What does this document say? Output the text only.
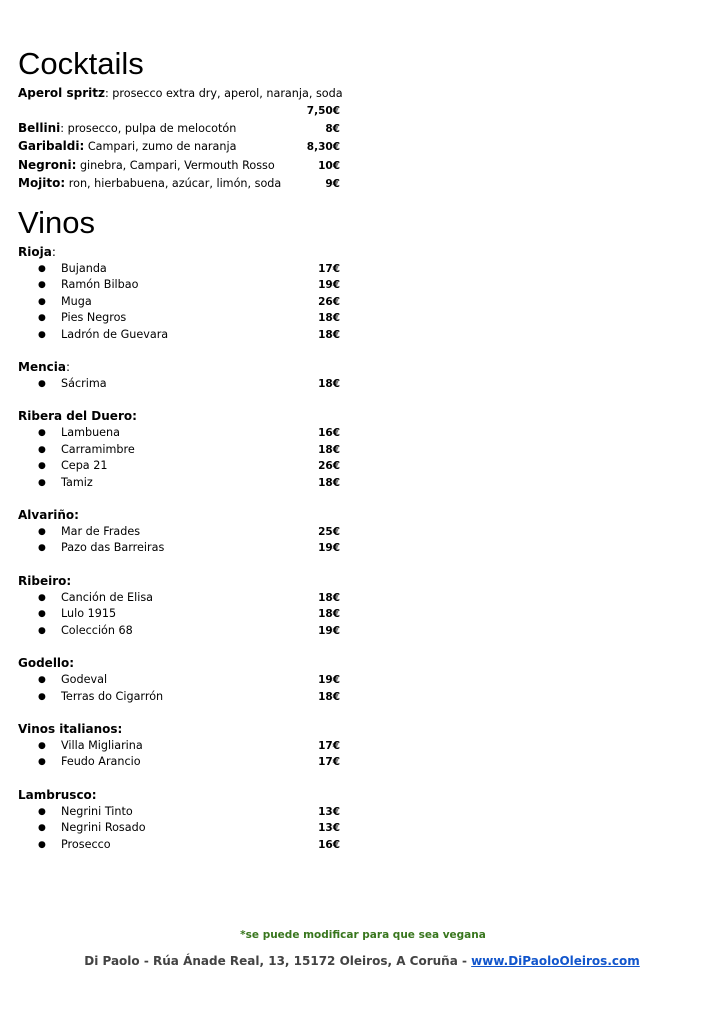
Cocktails
Aperol spritz: prosecco extra dry, aperol, naranja, soda
7,50€
Bellini: prosecco, pulpa de melocotón	8€
Garibaldi: Campari, zumo de naranja	8,30€
Negroni: ginebra, Campari, Vermouth Rosso	10€
Mojito: ron, hierbabuena, azúcar, limón, soda	9€
Vinos
Rioja:
●	Bujanda	17€
●	Ramón Bilbao	19€
●	Muga	26€
●	Pies Negros	18€
●	Ladrón de Guevara	18€
Mencia:
●	Sácrima	18€
Ribera del Duero:
●	Lambuena	16€
●	Carramimbre	18€
●	Cepa 21	26€
●	Tamiz	18€
Alvariño:
●	Mar de Frades	25€
●	Pazo das Barreiras	19€
Ribeiro:
●	Canción de Elisa	18€
●	Lulo 1915	18€
●	Colección 68	19€
Godello:
●	Godeval	19€
●	Terras do Cigarrón	18€
Vinos italianos:
●	Villa Migliarina	17€
●	Feudo Arancio	17€
Lambrusco:
●	Negrini Tinto	13€
●	Negrini Rosado	13€
●	Prosecco	16€
*se puede modificar para que sea vegana
Di Paolo - Rúa Ánade Real, 13, 15172 Oleiros, A Coruña - www.DiPaoloOleiros.com
